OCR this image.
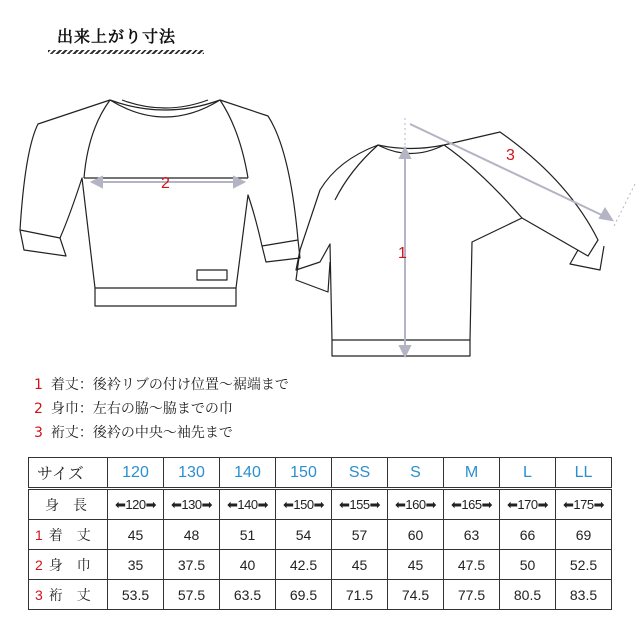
出来上がり寸法
2
1
3
1 着丈：後衿リブの付け位置～裾端まで
2 身巾：左右の脇～脇までの巾
3 裄丈：後衿の中央～袖先まで
サイズ	120	130	140	150	SS	S	M	L	LL
身　長	⬅120➡	⬅130➡	⬅140➡	⬅150➡	⬅155➡	⬅160➡	⬅165➡	⬅170➡	⬅175➡
1 着　丈	45	48	51	54	57	60	63	66	69
2 身　巾	35	37.5	40	42.5	45	45	47.5	50	52.5
3 裄　丈	53.5	57.5	63.5	69.5	71.5	74.5	77.5	80.5	83.5
